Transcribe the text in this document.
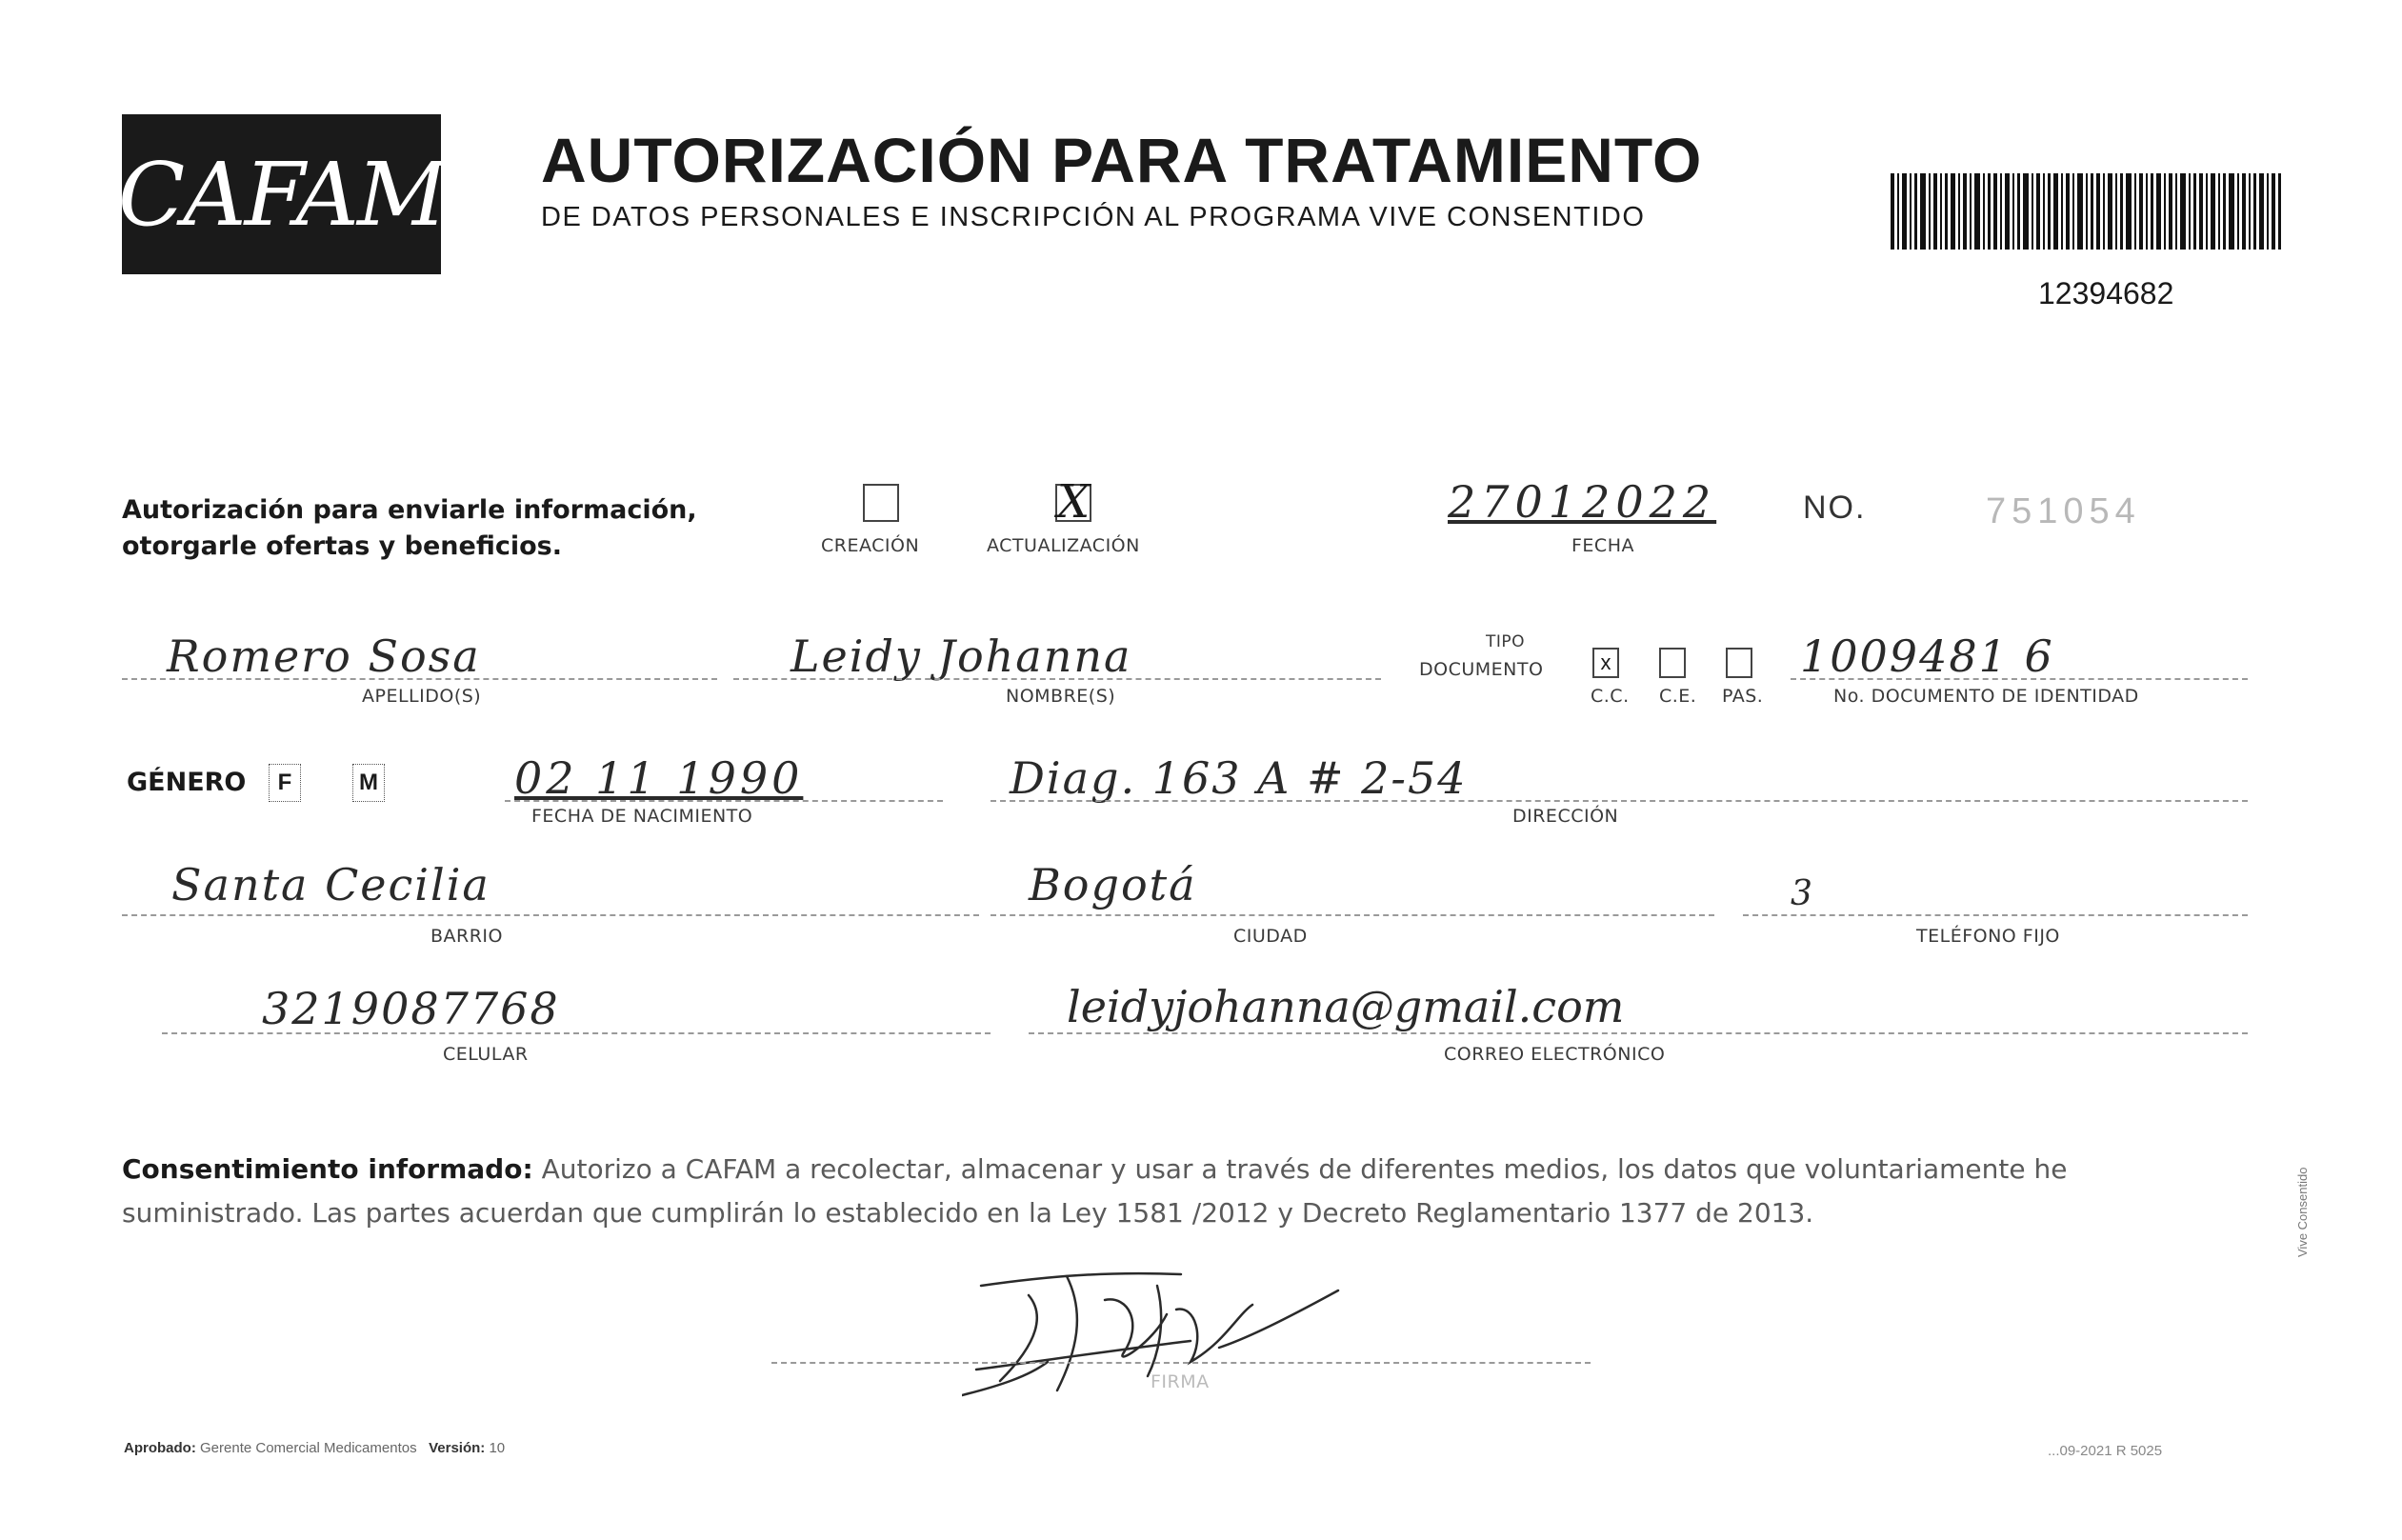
CAFAM AUTORIZACIÓN PARA TRATAMIENTO
DE DATOS PERSONALES E INSCRIPCIÓN AL PROGRAMA VIVE CONSENTIDO
12394682
Autorización para enviarle información,
otorgarle ofertas y beneficios.	CREACIÓN
X
ACTUALIZACIÓN
27012022
FECHA
NO.	751054
Romero Sosa
APELLIDO(S)
Leidy Johanna
NOMBRE(S)
TIPO
DOCUMENTO	x
C.C. C.E. PAS.
1009481 6
No. DOCUMENTO DE IDENTIDAD
GÉNERO	F	M	02 11 1990
FECHA DE NACIMIENTO
Diag. 163 A # 2-54
DIRECCIÓN
Santa Cecilia
BARRIO
Bogotá
CIUDAD
3
TELÉFONO FIJO
3219087768
CELULAR
leidyjohanna@gmail.com
CORREO ELECTRÓNICO
Consentimiento informado: Autorizo a CAFAM a recolectar, almacenar y usar a través de diferentes medios, los datos que voluntariamente he suministrado. Las partes acuerdan que cumplirán lo establecido en la Ley 1581 /2012 y Decreto Reglamentario 1377 de 2013.
FIRMA
Aprobado: Gerente Comercial Medicamentos Versión: 10	...09-2021 R 5025
Vive Consentido
